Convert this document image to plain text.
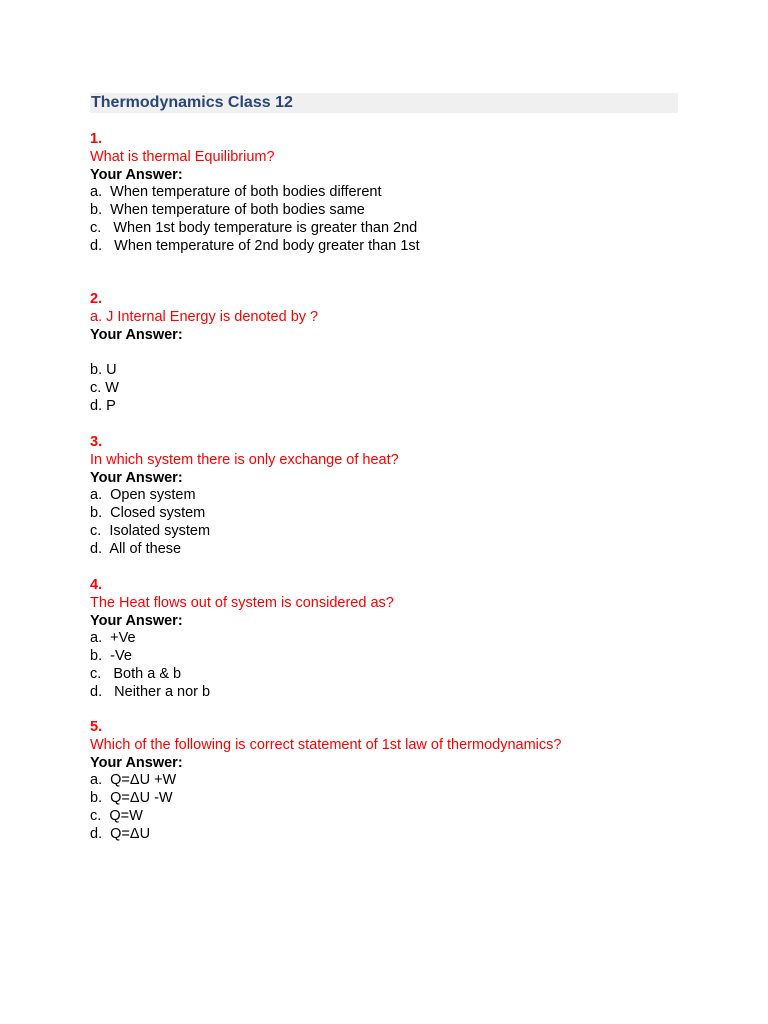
Thermodynamics Class 12
1.
What is thermal Equilibrium?
Your Answer:
a.  When temperature of both bodies different
b.  When temperature of both bodies same
c.   When 1st body temperature is greater than 2nd
d.   When temperature of 2nd body greater than 1st
2.
a. J Internal Energy is denoted by ?
Your Answer:
b. U
c. W
d. P
3.
In which system there is only exchange of heat?
Your Answer:
a.  Open system
b.  Closed system
c.  Isolated system
d.  All of these
4.
The Heat flows out of system is considered as?
Your Answer:
a.  +Ve
b.  -Ve
c.   Both a & b
d.   Neither a nor b
5.
Which of the following is correct statement of 1st law of thermodynamics?
Your Answer:
a.  Q=ΔU +W
b.  Q=ΔU -W
c.  Q=W
d.  Q=ΔU
